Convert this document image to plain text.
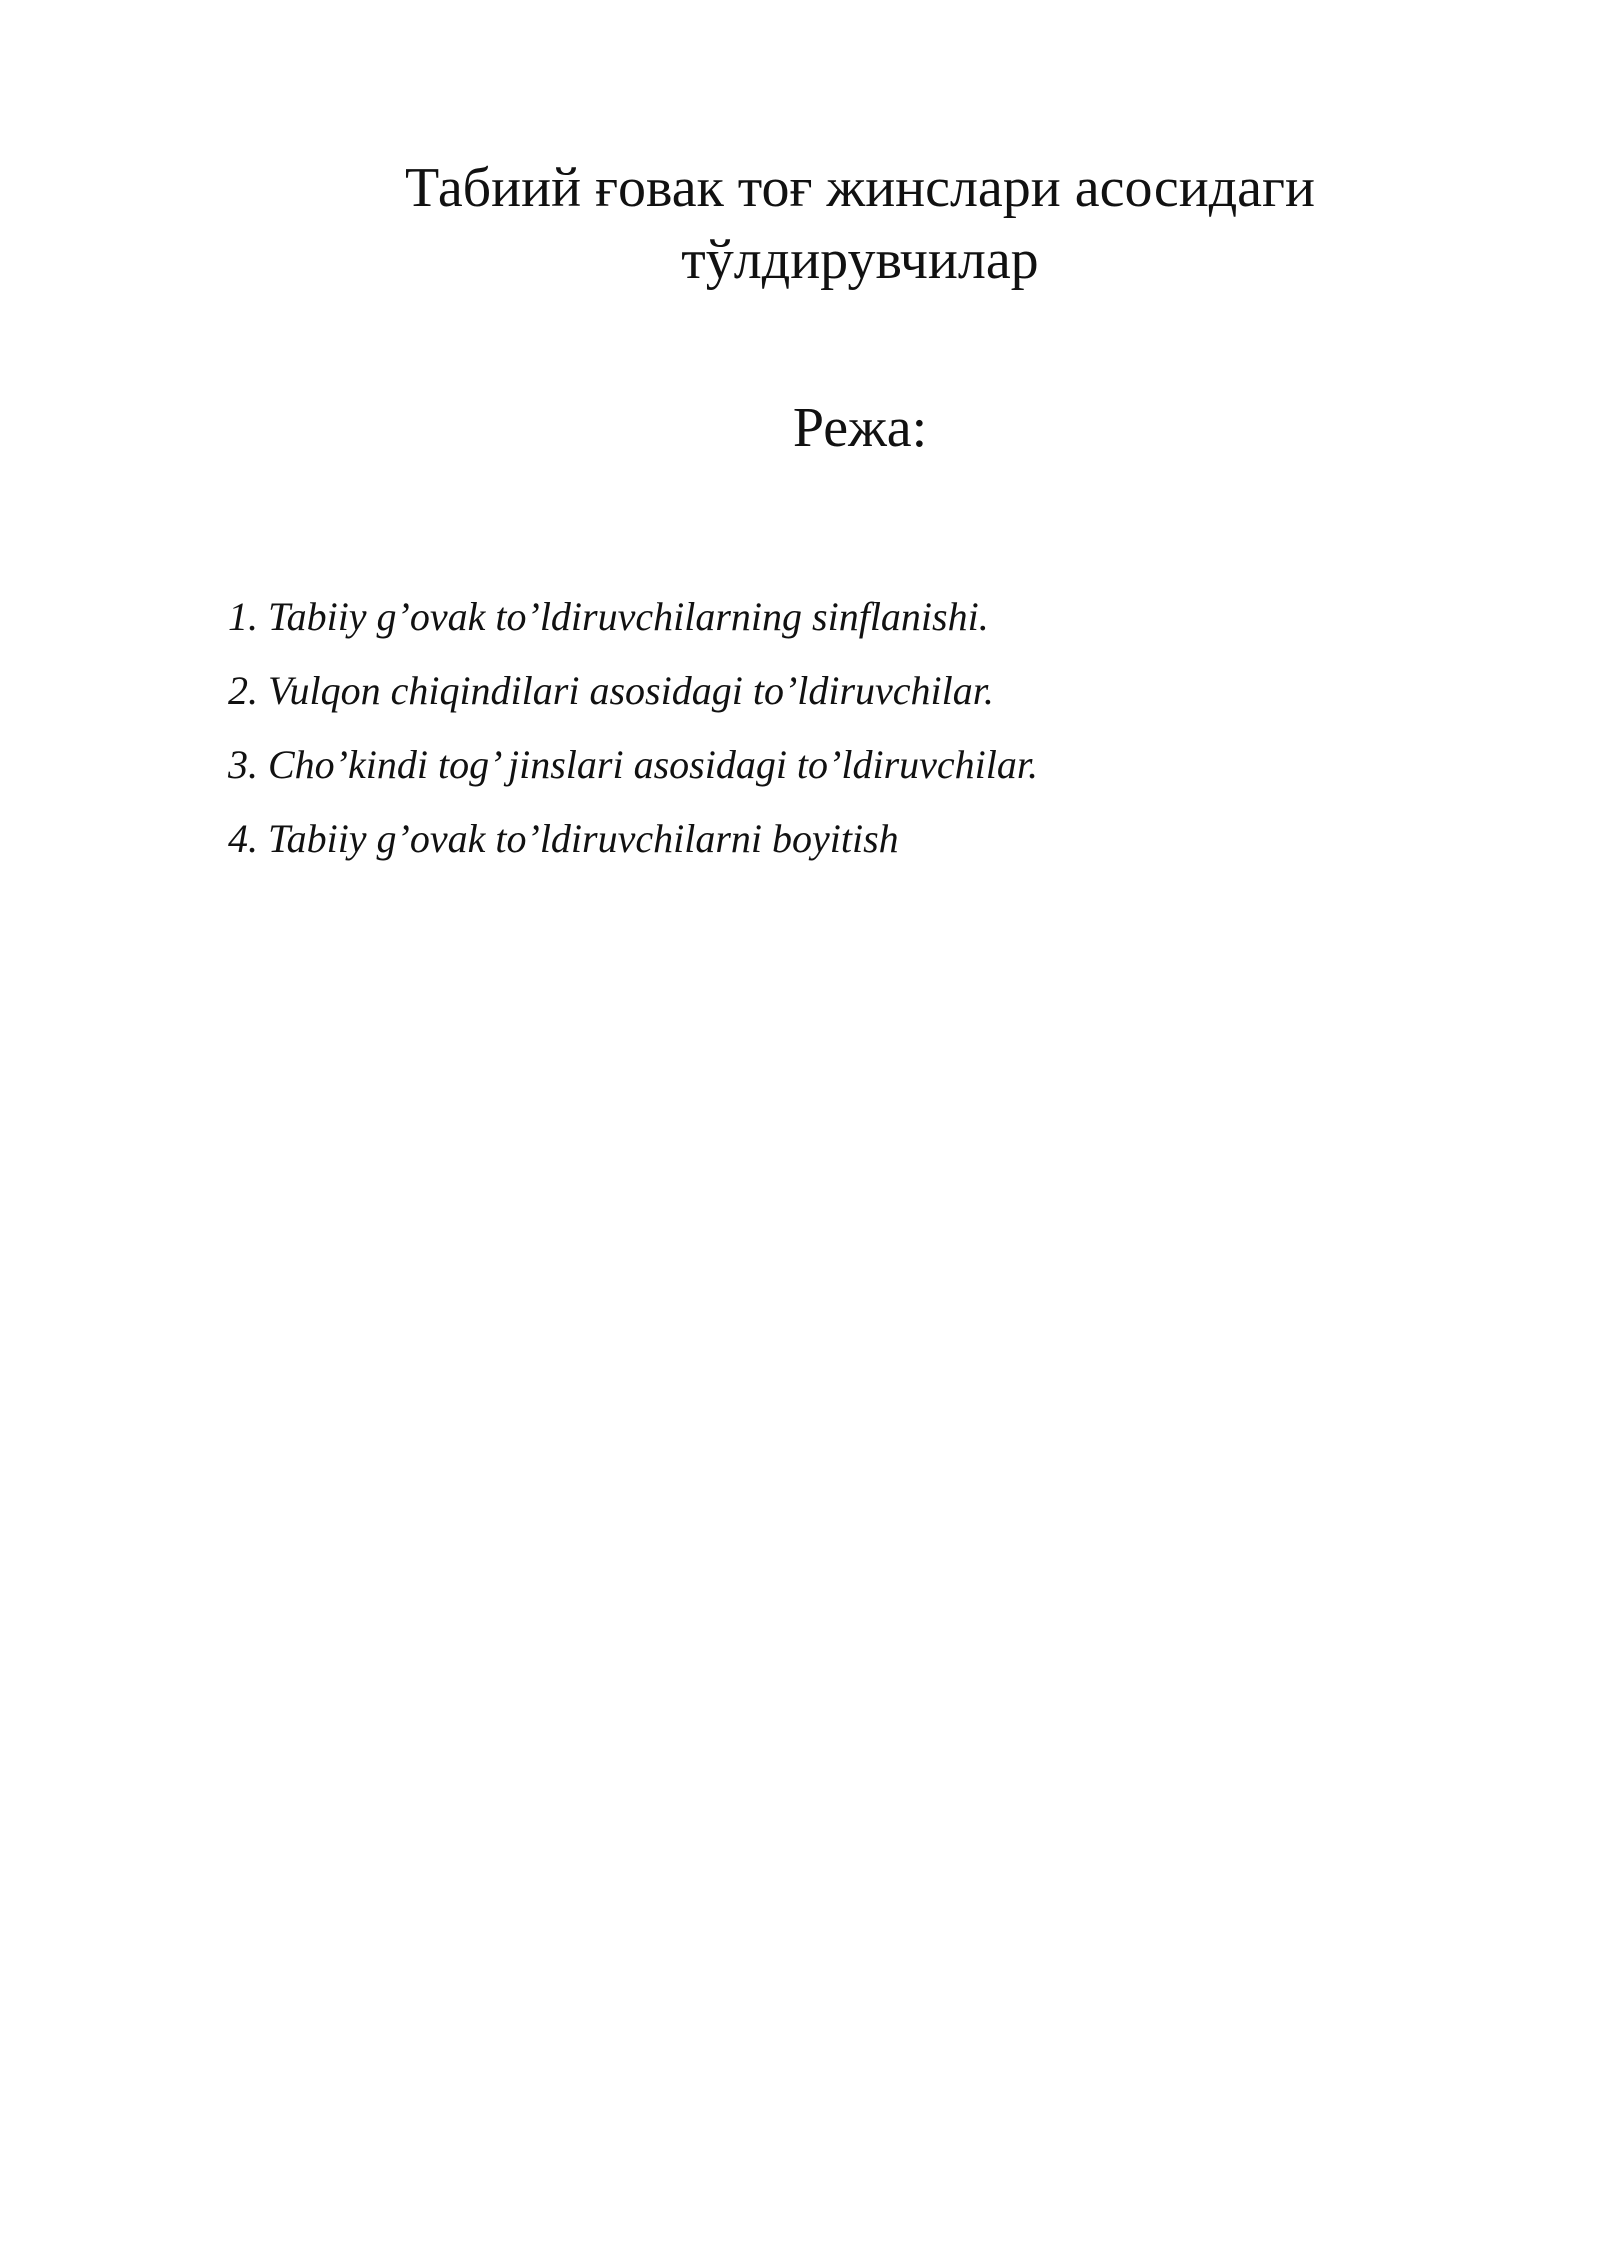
Табиий ғовак тоғ жинслари асосидаги
тўлдирувчилар
Режа:
1. Tabiiy g’ovak to’ldiruvchilarning sinflanishi.
2. Vulqon chiqindilari asosidagi to’ldiruvchilar.
3. Cho’kindi tog’ jinslari asosidagi to’ldiruvchilar.
4. Tabiiy g’ovak to’ldiruvchilarni boyitish
